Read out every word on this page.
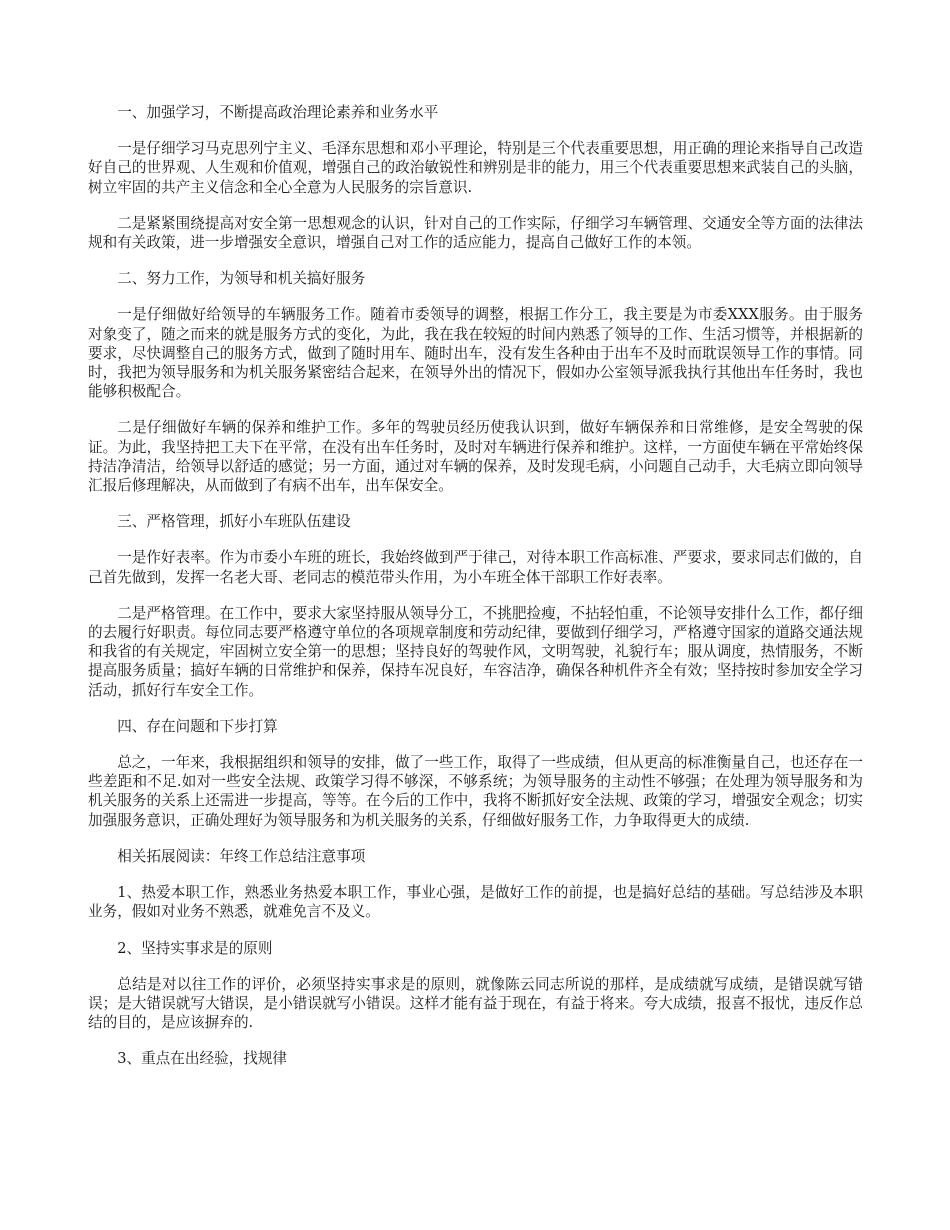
一、加强学习，不断提高政治理论素养和业务水平

一是仔细学习马克思列宁主义、毛泽东思想和邓小平理论，特别是三个代表重要思想，用正确的理论来指导自己改造好自己的世界观、人生观和价值观，增强自己的政治敏锐性和辨别是非的能力，用三个代表重要思想来武装自己的头脑，树立牢固的共产主义信念和全心全意为人民服务的宗旨意识.

二是紧紧围绕提高对安全第一思想观念的认识，针对自己的工作实际，仔细学习车辆管理、交通安全等方面的法律法规和有关政策，进一步增强安全意识，增强自己对工作的适应能力，提高自己做好工作的本领。

二、努力工作，为领导和机关搞好服务

一是仔细做好给领导的车辆服务工作。随着市委领导的调整，根据工作分工，我主要是为市委XXX服务。由于服务对象变了，随之而来的就是服务方式的变化，为此，我在我在较短的时间内熟悉了领导的工作、生活习惯等，并根据新的要求，尽快调整自己的服务方式，做到了随时用车、随时出车，没有发生各种由于出车不及时而耽误领导工作的事情。同时，我把为领导服务和为机关服务紧密结合起来，在领导外出的情况下，假如办公室领导派我执行其他出车任务时，我也能够积极配合。

二是仔细做好车辆的保养和维护工作。多年的驾驶员经历使我认识到，做好车辆保养和日常维修，是安全驾驶的保证。为此，我坚持把工夫下在平常，在没有出车任务时，及时对车辆进行保养和维护。这样，一方面使车辆在平常始终保持洁净清洁，给领导以舒适的感觉；另一方面，通过对车辆的保养，及时发现毛病，小问题自己动手，大毛病立即向领导汇报后修理解决，从而做到了有病不出车，出车保安全。

三、严格管理，抓好小车班队伍建设

一是作好表率。作为市委小车班的班长，我始终做到严于律己，对待本职工作高标准、严要求，要求同志们做的，自己首先做到，发挥一名老大哥、老同志的模范带头作用，为小车班全体干部职工作好表率。

二是严格管理。在工作中，要求大家坚持服从领导分工，不挑肥捡瘦，不拈轻怕重，不论领导安排什么工作，都仔细的去履行好职责。每位同志要严格遵守单位的各项规章制度和劳动纪律，要做到仔细学习，严格遵守国家的道路交通法规和我省的有关规定，牢固树立安全第一的思想；坚持良好的驾驶作风，文明驾驶，礼貌行车；服从调度，热情服务，不断提高服务质量；搞好车辆的日常维护和保养，保持车况良好，车容洁净，确保各种机件齐全有效；坚持按时参加安全学习活动，抓好行车安全工作。

四、存在问题和下步打算

总之，一年来，我根据组织和领导的安排，做了一些工作，取得了一些成绩，但从更高的标准衡量自己，也还存在一些差距和不足.如对一些安全法规、政策学习得不够深，不够系统；为领导服务的主动性不够强；在处理为领导服务和为机关服务的关系上还需进一步提高，等等。在今后的工作中，我将不断抓好安全法规、政策的学习，增强安全观念；切实加强服务意识，正确处理好为领导服务和为机关服务的关系，仔细做好服务工作，力争取得更大的成绩.

相关拓展阅读：年终工作总结注意事项

1、热爱本职工作，熟悉业务热爱本职工作，事业心强，是做好工作的前提，也是搞好总结的基础。写总结涉及本职业务，假如对业务不熟悉，就难免言不及义。

2、坚持实事求是的原则

总结是对以往工作的评价，必须坚持实事求是的原则，就像陈云同志所说的那样，是成绩就写成绩，是错误就写错误；是大错误就写大错误，是小错误就写小错误。这样才能有益于现在，有益于将来。夸大成绩，报喜不报忧，违反作总结的目的，是应该摒弃的.

3、重点在出经验，找规律
